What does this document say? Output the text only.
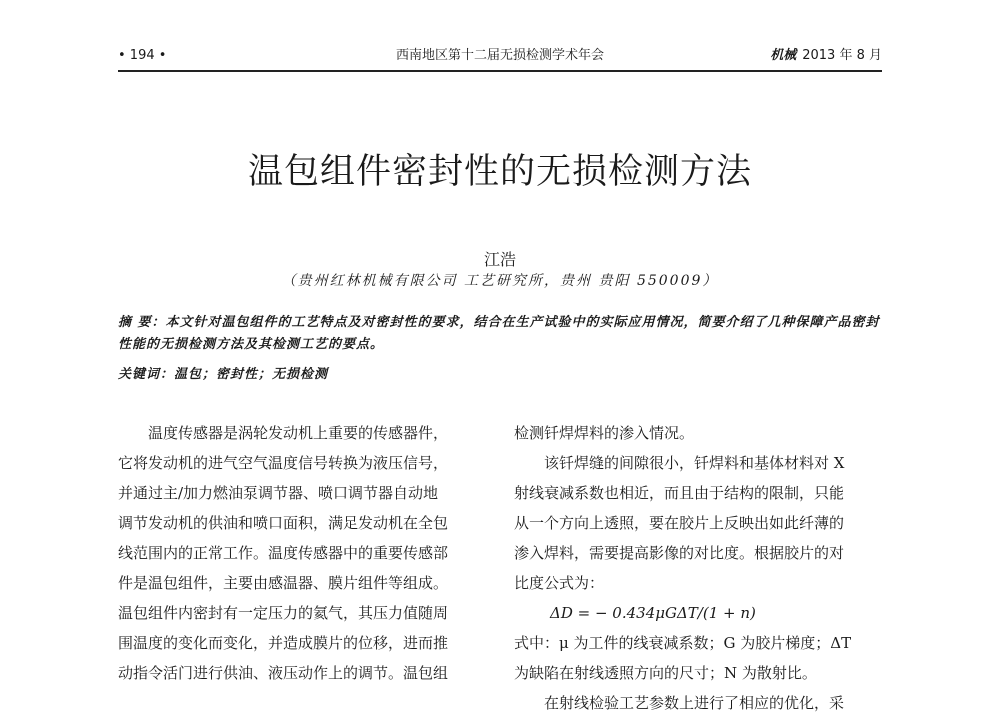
• 194 •	西南地区第十二届无损检测学术年会	机械 2013 年 8 月
温包组件密封性的无损检测方法
江浩
（贵州红林机械有限公司 工艺研究所，贵州 贵阳 550009）
摘 要：本文针对温包组件的工艺特点及对密封性的要求，结合在生产试验中的实际应用情况，简要介绍了几种保障产品密封性能的无损检测方法及其检测工艺的要点。
关键词：温包；密封性；无损检测

温度传感器是涡轮发动机上重要的传感器件，

它将发动机的进气空气温度信号转换为液压信号，

并通过主/加力燃油泵调节器、喷口调节器自动地

调节发动机的供油和喷口面积，满足发动机在全包

线范围内的正常工作。温度传感器中的重要传感部

件是温包组件，主要由感温器、膜片组件等组成。

温包组件内密封有一定压力的氦气，其压力值随周

围温度的变化而变化，并造成膜片的位移，进而推

动指令活门进行供油、液压动作上的调节。温包组

检测钎焊焊料的渗入情况。

该钎焊缝的间隙很小，钎焊料和基体材料对 X

射线衰减系数也相近，而且由于结构的限制，只能

从一个方向上透照，要在胶片上反映出如此纤薄的

渗入焊料，需要提高影像的对比度。根据胶片的对

比度公式为：

ΔD = − 0.434μGΔT/(1 + n)

式中：μ 为工件的线衰减系数；G 为胶片梯度；ΔT

为缺陷在射线透照方向的尺寸；N 为散射比。

在射线检验工艺参数上进行了相应的优化，采
